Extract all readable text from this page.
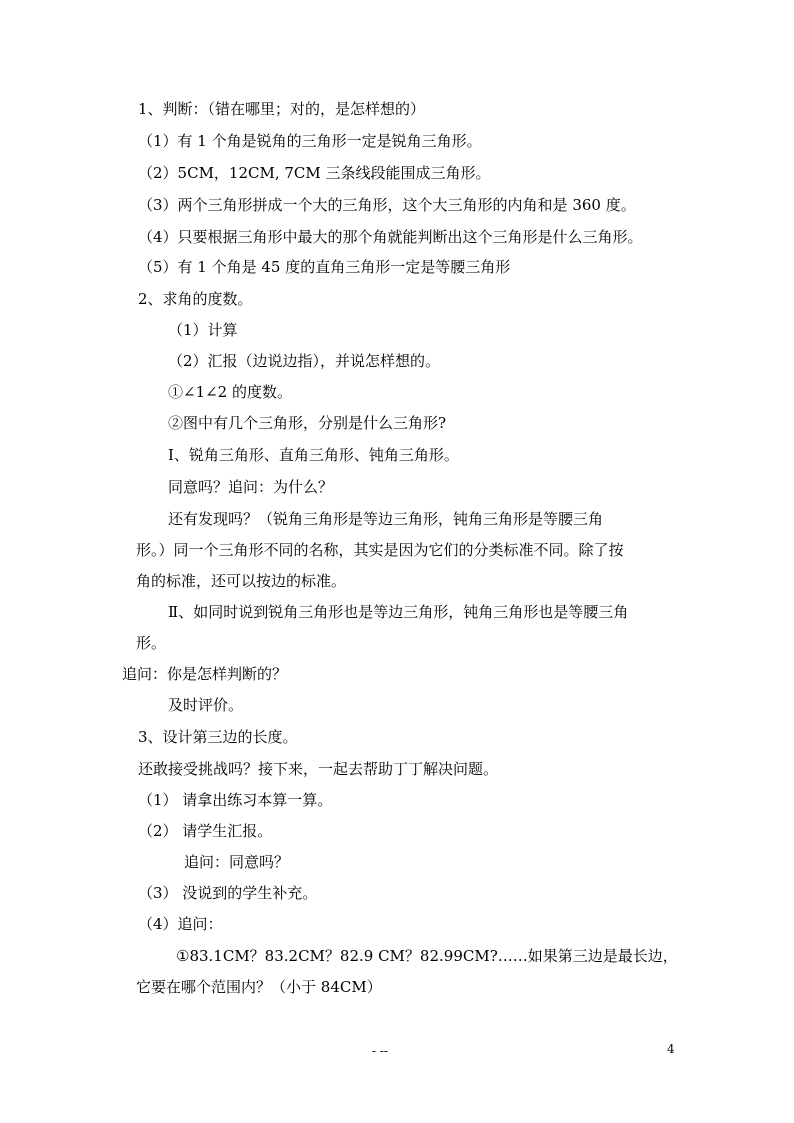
1、判断：（错在哪里；对的，是怎样想的）
（1）有 1 个角是锐角的三角形一定是锐角三角形。
（2）5CM，12CM, 7CM 三条线段能围成三角形。
（3）两个三角形拼成一个大的三角形，这个大三角形的内角和是 360 度。
（4）只要根据三角形中最大的那个角就能判断出这个三角形是什么三角形。
（5）有 1 个角是 45 度的直角三角形一定是等腰三角形
2、求角的度数。
（1）计算
（2）汇报（边说边指），并说怎样想的。
①∠1∠2 的度数。
②图中有几个三角形，分别是什么三角形?
Ⅰ、锐角三角形、直角三角形、钝角三角形。
同意吗？追问：为什么？
还有发现吗？（锐角三角形是等边三角形，钝角三角形是等腰三角
形。）同一个三角形不同的名称，其实是因为它们的分类标准不同。除了按
角的标准，还可以按边的标准。
Ⅱ、如同时说到锐角三角形也是等边三角形，钝角三角形也是等腰三角
形。
追问：你是怎样判断的？
及时评价。
3、设计第三边的长度。
还敢接受挑战吗？接下来，一起去帮助丁丁解决问题。
（1） 请拿出练习本算一算。
（2） 请学生汇报。
追问：同意吗？
（3） 没说到的学生补充。
（4）追问：
①83.1CM？83.2CM？82.9 CM？82.99CM?……如果第三边是最长边，
它要在哪个范围内？（小于 84CM）
- --	4
